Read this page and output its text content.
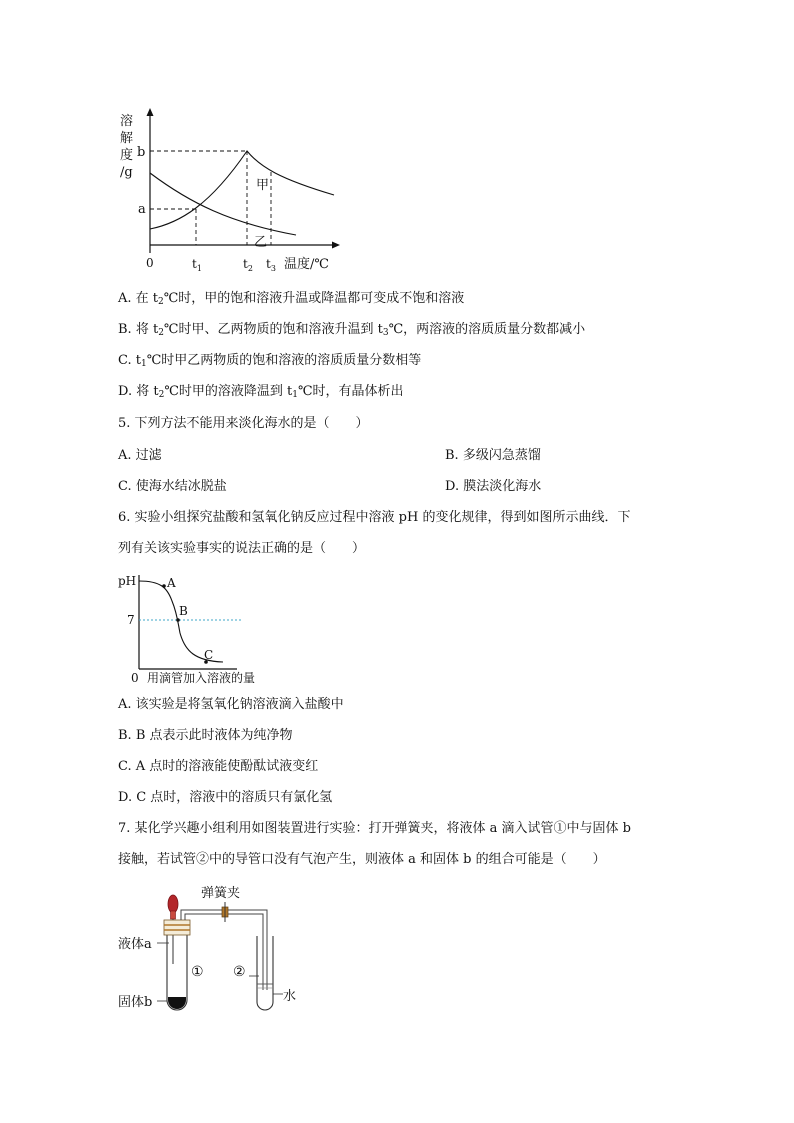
溶
解
度
/g
b
a
0	$t_1$	$t_2$ $t_3$ 温度/℃
甲
乙
A. 在 $t_2℃$时，甲的饱和溶液升温或降温都可变成不饱和溶液
B. 将 $t_2℃$时甲、乙两物质的饱和溶液升温到 $t_3℃$，两溶液的溶质质量分数都减小
C. $t_1℃$时甲乙两物质的饱和溶液的溶质质量分数相等
D. 将 $t_2℃$时甲的溶液降温到 $t_1℃$时，有晶体析出
5. 下列方法不能用来淡化海水的是（　　）
A. 过滤	B. 多级闪急蒸馏
C. 使海水结冰脱盐	D. 膜法淡化海水
6. 实验小组探究盐酸和氢氧化钠反应过程中溶液 pH 的变化规律，得到如图所示曲线．下
列有关该实验事实的说法正确的是（　　）
pH
7
0
A
B
C
用滴管加入溶液的量
A. 该实验是将氢氧化钠溶液滴入盐酸中
B. B 点表示此时液体为纯净物
C. A 点时的溶液能使酚酞试液变红
D. C 点时，溶液中的溶质只有氯化氢
7. 某化学兴趣小组利用如图装置进行实验：打开弹簧夹，将液体 a 滴入试管①中与固体 b
接触，若试管②中的导管口没有气泡产生，则液体 a 和固体 b 的组合可能是（　　）
弹簧夹
液体a
固体b
① ②
水
